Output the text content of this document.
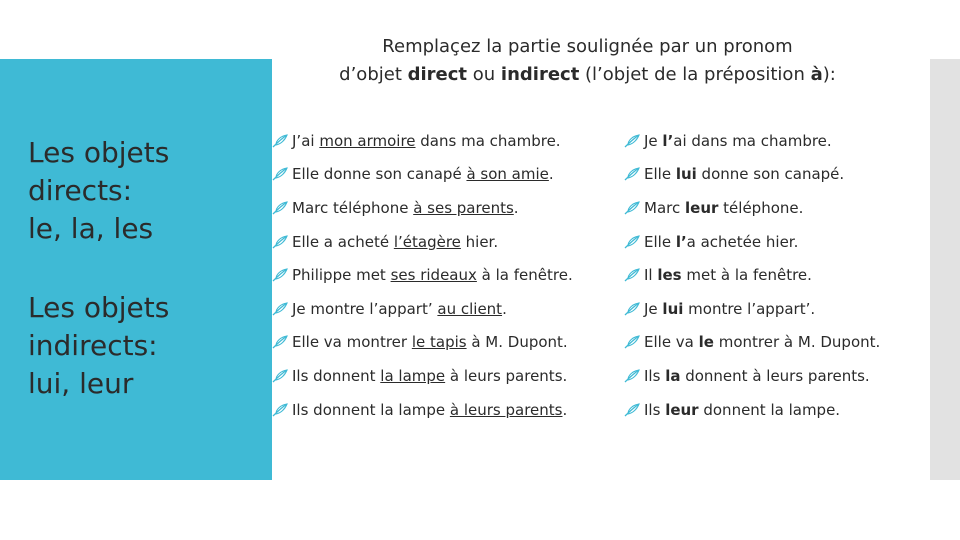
Les objets
directs:
le, la, les
Les objets
indirects:
lui, leur
Remplaçez la partie soulignée par un pronom
d’objet direct ou indirect (l’objet de la préposition à):
J’ai mon armoire dans ma chambre.
Elle donne son canapé à son amie.
Marc téléphone à ses parents.
Elle a acheté l’étagère hier.
Philippe met ses rideaux à la fenêtre.
Je montre l’appart’ au client.
Elle va montrer le tapis à M. Dupont.
Ils donnent la lampe à leurs parents.
Ils donnent la lampe à leurs parents.
Je l’ai dans ma chambre.
Elle lui donne son canapé.
Marc leur téléphone.
Elle l’a achetée hier.
Il les met à la fenêtre.
Je lui montre l’appart’.
Elle va le montrer à M. Dupont.
Ils la donnent à leurs parents.
Ils leur donnent la lampe.
